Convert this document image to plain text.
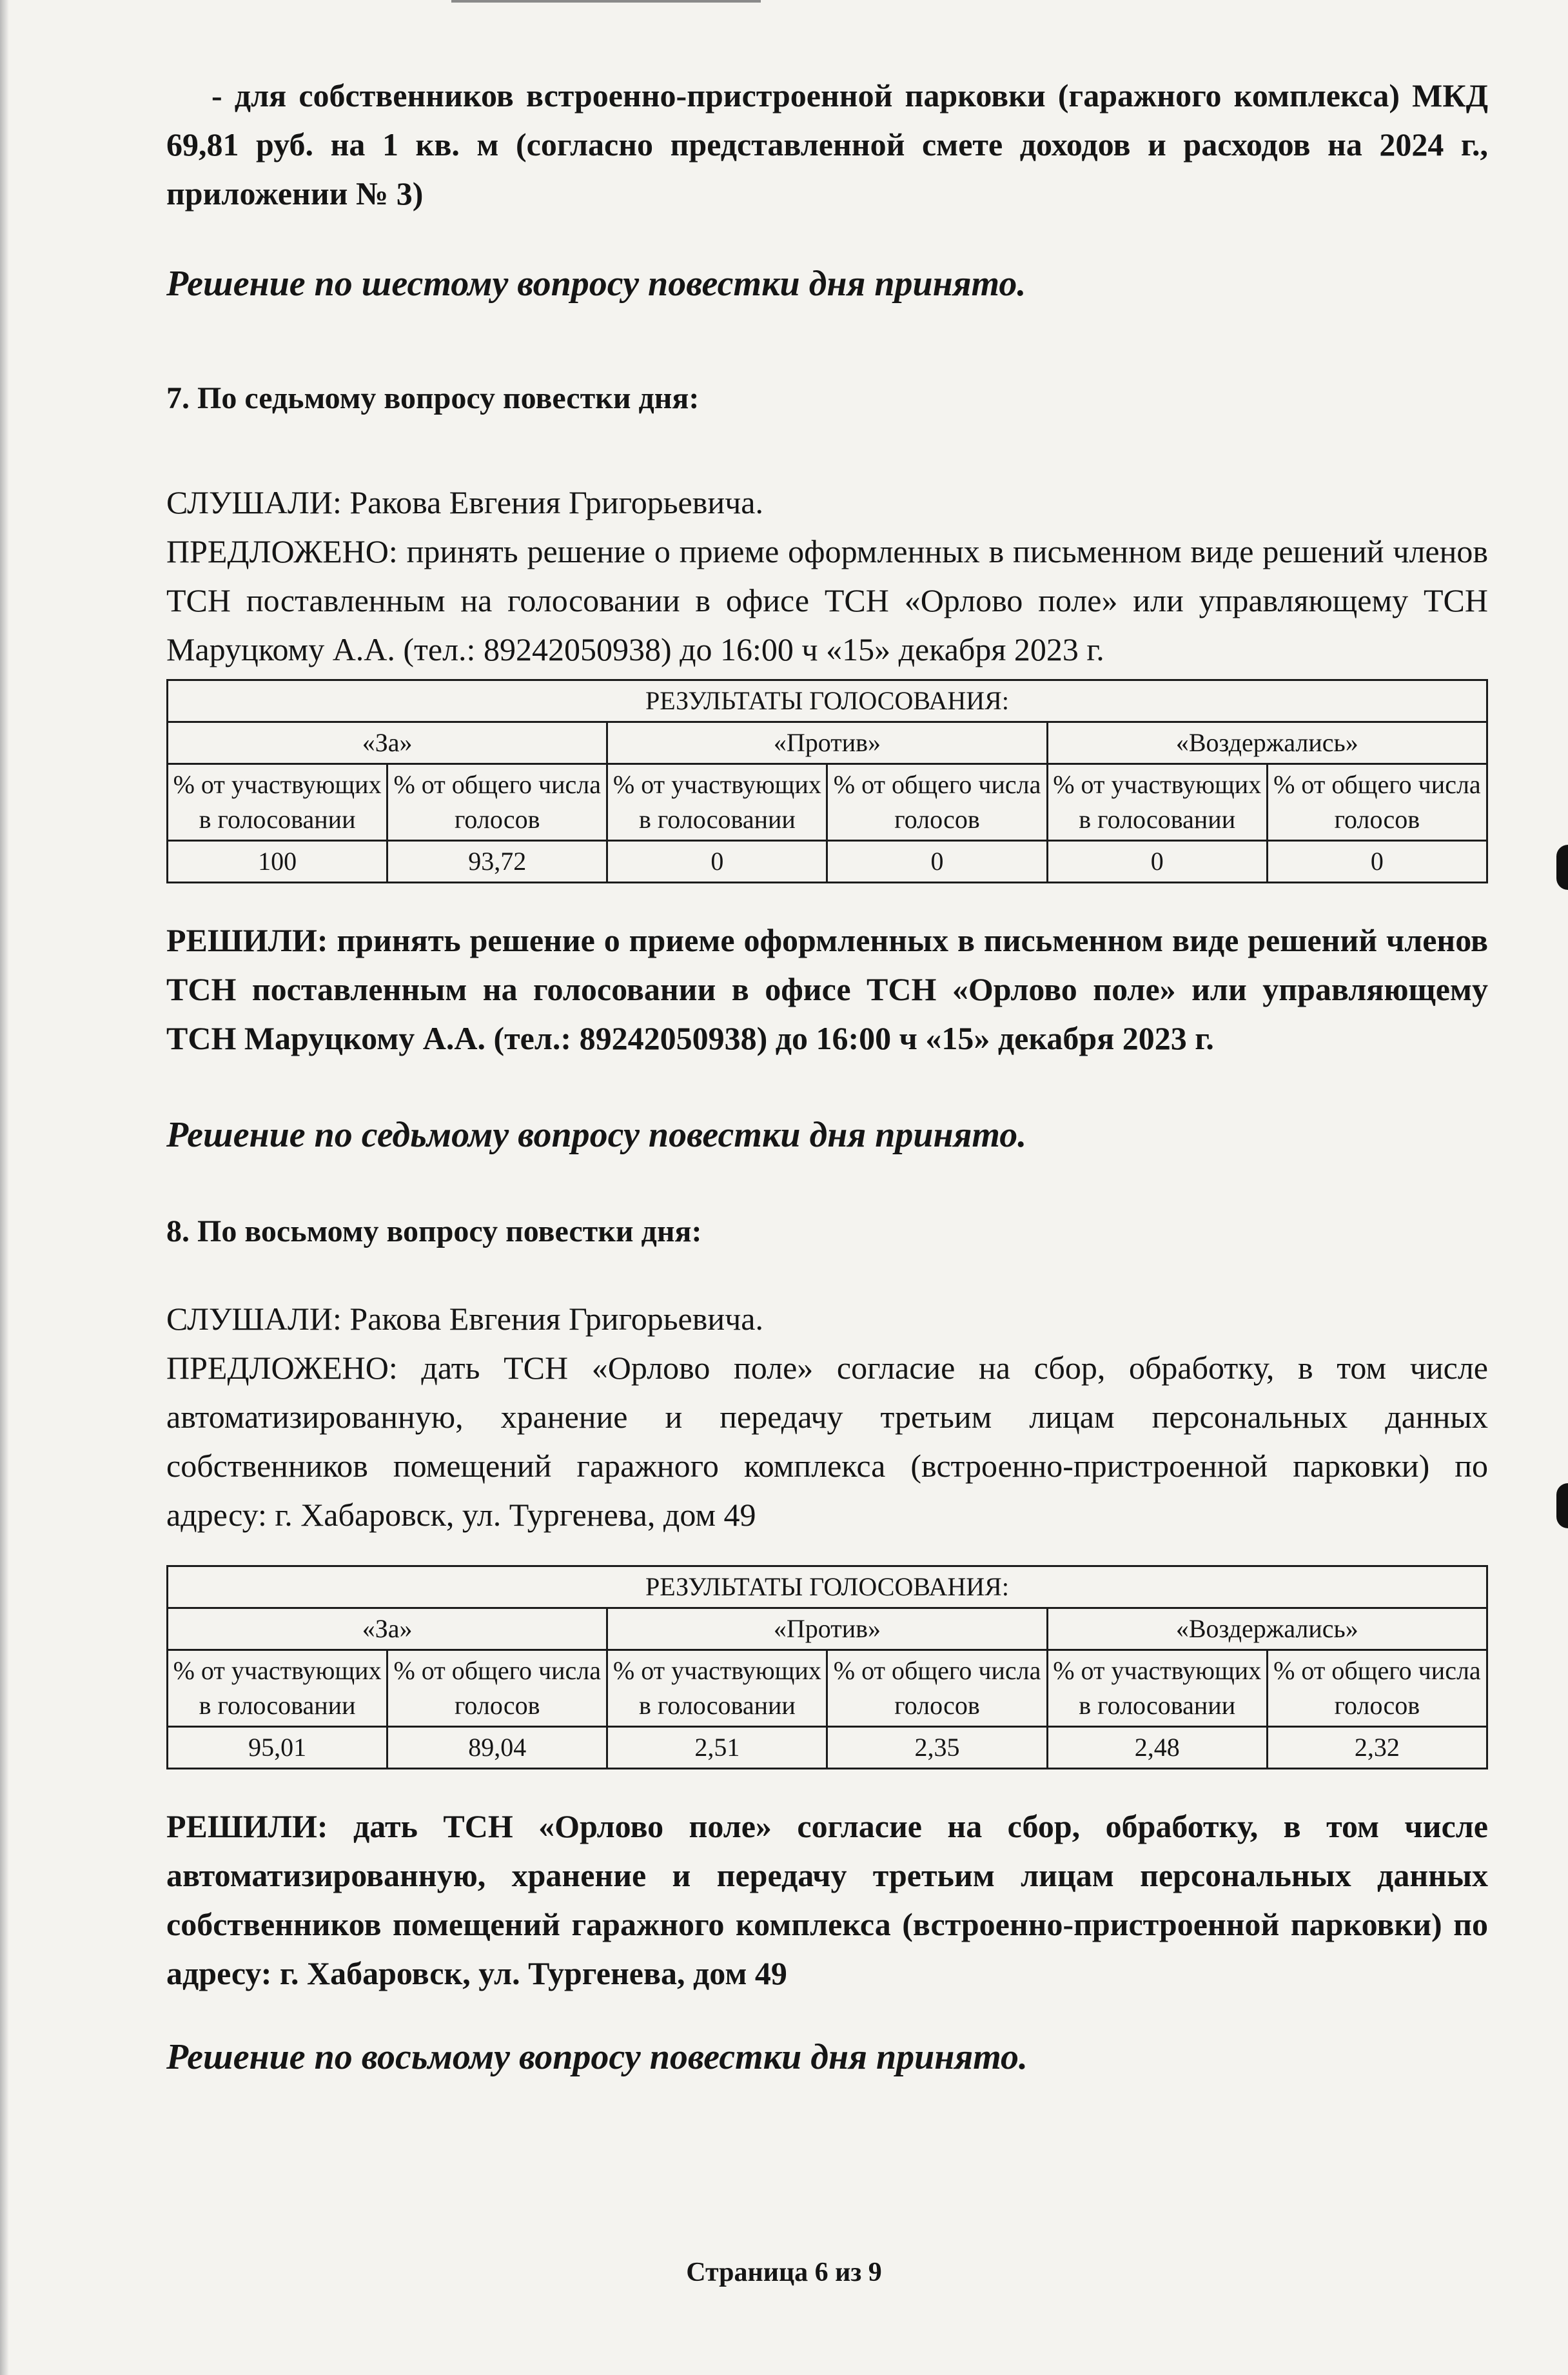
- для собственников встроенно-пристроенной парковки (гаражного комплекса) МКД 69,81 руб. на 1 кв. м (согласно представленной смете доходов и расходов на 2024 г., приложении № 3)

Решение по шестому вопросу повестки дня принято.

7. По седьмому вопросу повестки дня:

СЛУШАЛИ: Ракова Евгения Григорьевича.

ПРЕДЛОЖЕНО: принять решение о приеме оформленных в письменном виде решений членов ТСН поставленным на голосовании в офисе ТСН «Орлово поле» или управляющему ТСН Маруцкому А.А. (тел.: 89242050938) до 16:00 ч «15» декабря 2023 г.

РЕЗУЛЬТАТЫ ГОЛОСОВАНИЯ:					
«За»		«Против»		«Воздержались»	
% от участвующих в голосовании	% от общего числа голосов	% от участвующих в голосовании	% от общего числа голосов	% от участвующих в голосовании	% от общего числа голосов
100	93,72	0	0	0	0

РЕШИЛИ: принять решение о приеме оформленных в письменном виде решений членов ТСН поставленным на голосовании в офисе ТСН «Орлово поле» или управляющему ТСН Маруцкому А.А. (тел.: 89242050938) до 16:00 ч «15» декабря 2023 г.

Решение по седьмому вопросу повестки дня принято.

8. По восьмому вопросу повестки дня:

СЛУШАЛИ: Ракова Евгения Григорьевича.

ПРЕДЛОЖЕНО: дать ТСН «Орлово поле» согласие на сбор, обработку, в том числе автоматизированную, хранение и передачу третьим лицам персональных данных собственников помещений гаражного комплекса (встроенно-пристроенной парковки) по адресу: г. Хабаровск, ул. Тургенева, дом 49

РЕЗУЛЬТАТЫ ГОЛОСОВАНИЯ:					
«За»		«Против»		«Воздержались»	
% от участвующих в голосовании	% от общего числа голосов	% от участвующих в голосовании	% от общего числа голосов	% от участвующих в голосовании	% от общего числа голосов
95,01	89,04	2,51	2,35	2,48	2,32

РЕШИЛИ: дать ТСН «Орлово поле» согласие на сбор, обработку, в том числе автоматизированную, хранение и передачу третьим лицам персональных данных собственников помещений гаражного комплекса (встроенно-пристроенной парковки) по адресу: г. Хабаровск, ул. Тургенева, дом 49

Решение по восьмому вопросу повестки дня принято.

Страница 6 из 9
